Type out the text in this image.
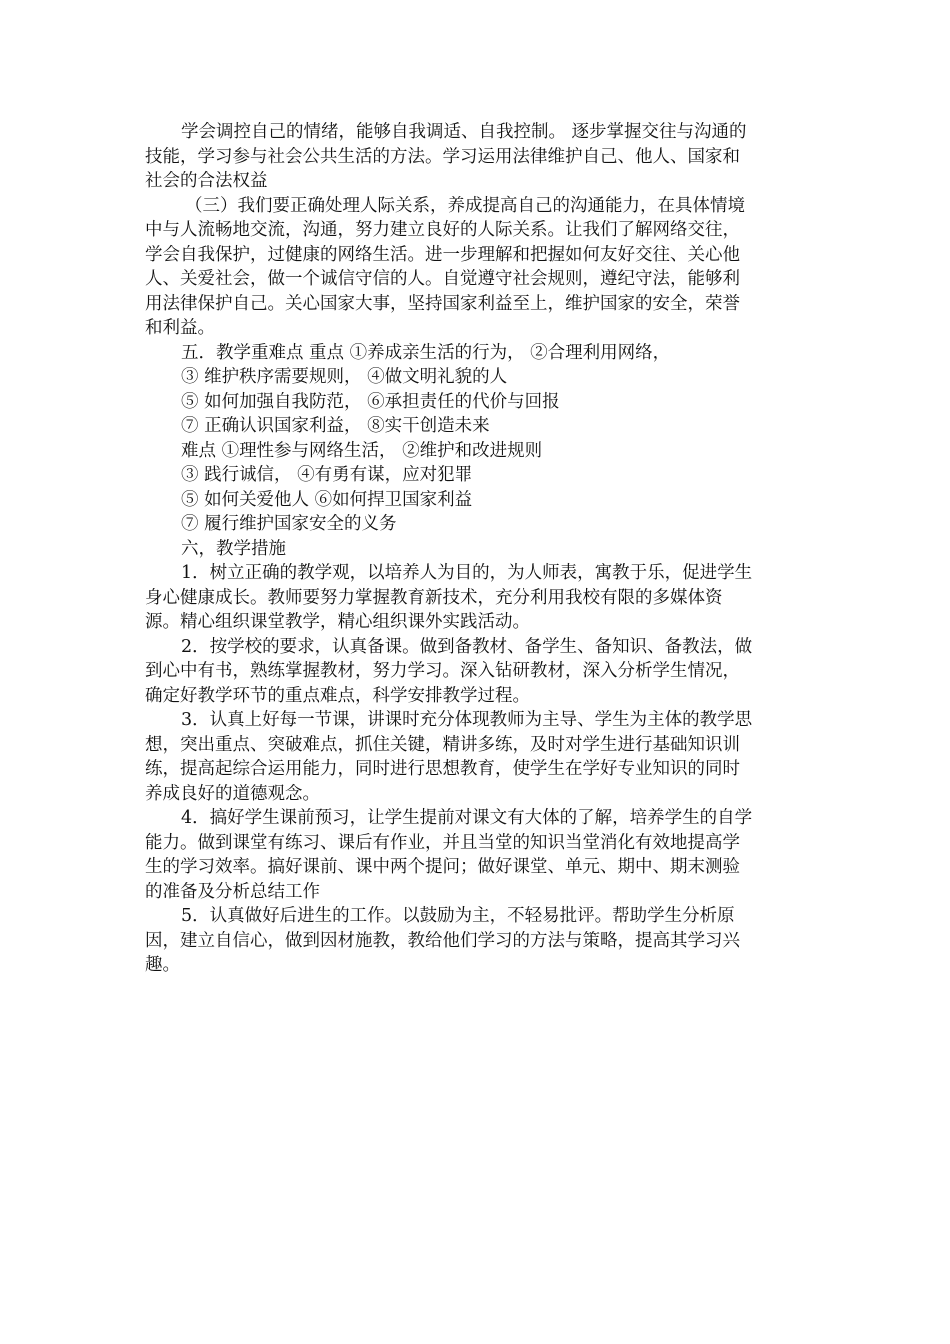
学会调控自己的情绪，能够自我调适、自我控制。 逐步掌握交往与沟通的

技能，学习参与社会公共生活的方法。学习运用法律维护自己、他人、国家和

社会的合法权益

（三）我们要正确处理人际关系，养成提高自己的沟通能力，在具体情境

中与人流畅地交流，沟通，努力建立良好的人际关系。让我们了解网络交往，

学会自我保护，过健康的网络生活。进一步理解和把握如何友好交往、关心他

人、关爱社会，做一个诚信守信的人。自觉遵守社会规则，遵纪守法，能够利

用法律保护自己。关心国家大事，坚持国家利益至上，维护国家的安全，荣誉

和利益。

五．教学重难点 重点 ①养成亲生活的行为， ②合理利用网络，

③ 维护秩序需要规则， ④做文明礼貌的人

⑤ 如何加强自我防范， ⑥承担责任的代价与回报

⑦ 正确认识国家利益， ⑧实干创造未来

难点 ①理性参与网络生活， ②维护和改进规则

③ 践行诚信， ④有勇有谋，应对犯罪

⑤ 如何关爱他人 ⑥如何捍卫国家利益

⑦ 履行维护国家安全的义务

六，教学措施

1．树立正确的教学观，以培养人为目的，为人师表，寓教于乐，促进学生

身心健康成长。教师要努力掌握教育新技术，充分利用我校有限的多媒体资

源。精心组织课堂教学，精心组织课外实践活动。

2．按学校的要求，认真备课。做到备教材、备学生、备知识、备教法，做

到心中有书，熟练掌握教材，努力学习。深入钻研教材，深入分析学生情况，

确定好教学环节的重点难点，科学安排教学过程。

3．认真上好每一节课，讲课时充分体现教师为主导、学生为主体的教学思

想，突出重点、突破难点，抓住关键，精讲多练，及时对学生进行基础知识训

练，提高起综合运用能力，同时进行思想教育，使学生在学好专业知识的同时

养成良好的道德观念。

4．搞好学生课前预习，让学生提前对课文有大体的了解，培养学生的自学

能力。做到课堂有练习、课后有作业，并且当堂的知识当堂消化有效地提高学

生的学习效率。搞好课前、课中两个提问；做好课堂、单元、期中、期末测验

的准备及分析总结工作

5．认真做好后进生的工作。以鼓励为主，不轻易批评。帮助学生分析原

因，建立自信心，做到因材施教，教给他们学习的方法与策略，提高其学习兴

趣。
